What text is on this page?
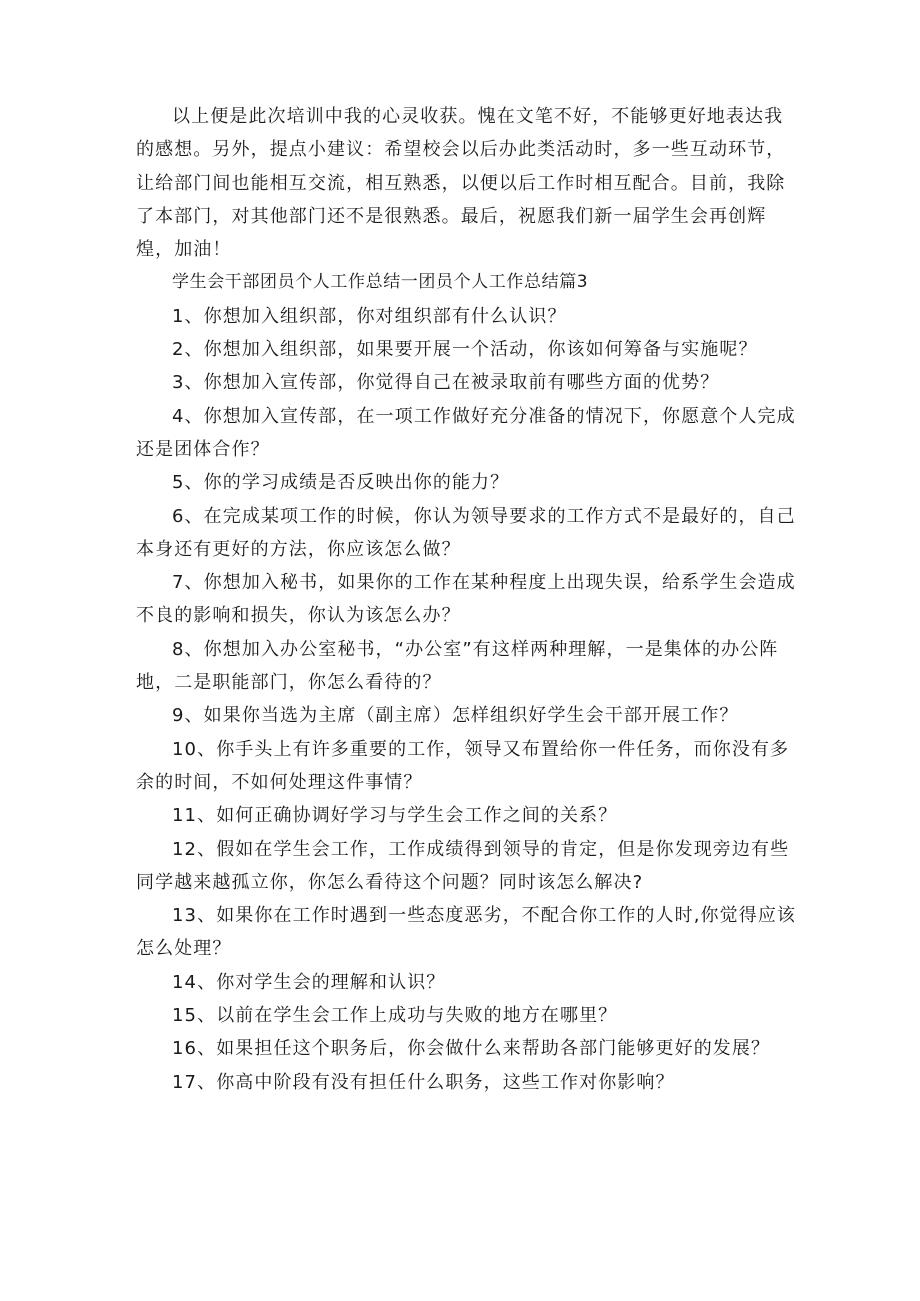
以上便是此次培训中我的心灵收获。愧在文笔不好，不能够更好地表达我的感想。另外，提点小建议：希望校会以后办此类活动时，多一些互动环节，让给部门间也能相互交流，相互熟悉，以便以后工作时相互配合。目前，我除了本部门，对其他部门还不是很熟悉。最后，祝愿我们新一届学生会再创辉煌，加油！

学生会干部团员个人工作总结一团员个人工作总结篇3

1、你想加入组织部，你对组织部有什么认识？

2、你想加入组织部，如果要开展一个活动，你该如何筹备与实施呢？

3、你想加入宣传部，你觉得自己在被录取前有哪些方面的优势？

4、你想加入宣传部，在一项工作做好充分准备的情况下，你愿意个人完成还是团体合作？

5、你的学习成绩是否反映出你的能力？

6、在完成某项工作的时候，你认为领导要求的工作方式不是最好的，自己本身还有更好的方法，你应该怎么做？

7、你想加入秘书，如果你的工作在某种程度上出现失误，给系学生会造成不良的影响和损失，你认为该怎么办？

8、你想加入办公室秘书，“办公室”有这样两种理解，一是集体的办公阵地，二是职能部门，你怎么看待的？

9、如果你当选为主席（副主席）怎样组织好学生会干部开展工作？

10、你手头上有许多重要的工作，领导又布置给你一件任务，而你没有多余的时间，不如何处理这件事情？

11、如何正确协调好学习与学生会工作之间的关系？

12、假如在学生会工作，工作成绩得到领导的肯定，但是你发现旁边有些同学越来越孤立你，你怎么看待这个问题？同时该怎么解决?

13、如果你在工作时遇到一些态度恶劣，不配合你工作的人时,你觉得应该怎么处理？

14、你对学生会的理解和认识？

15、以前在学生会工作上成功与失败的地方在哪里？

16、如果担任这个职务后，你会做什么来帮助各部门能够更好的发展？

17、你高中阶段有没有担任什么职务，这些工作对你影响？
